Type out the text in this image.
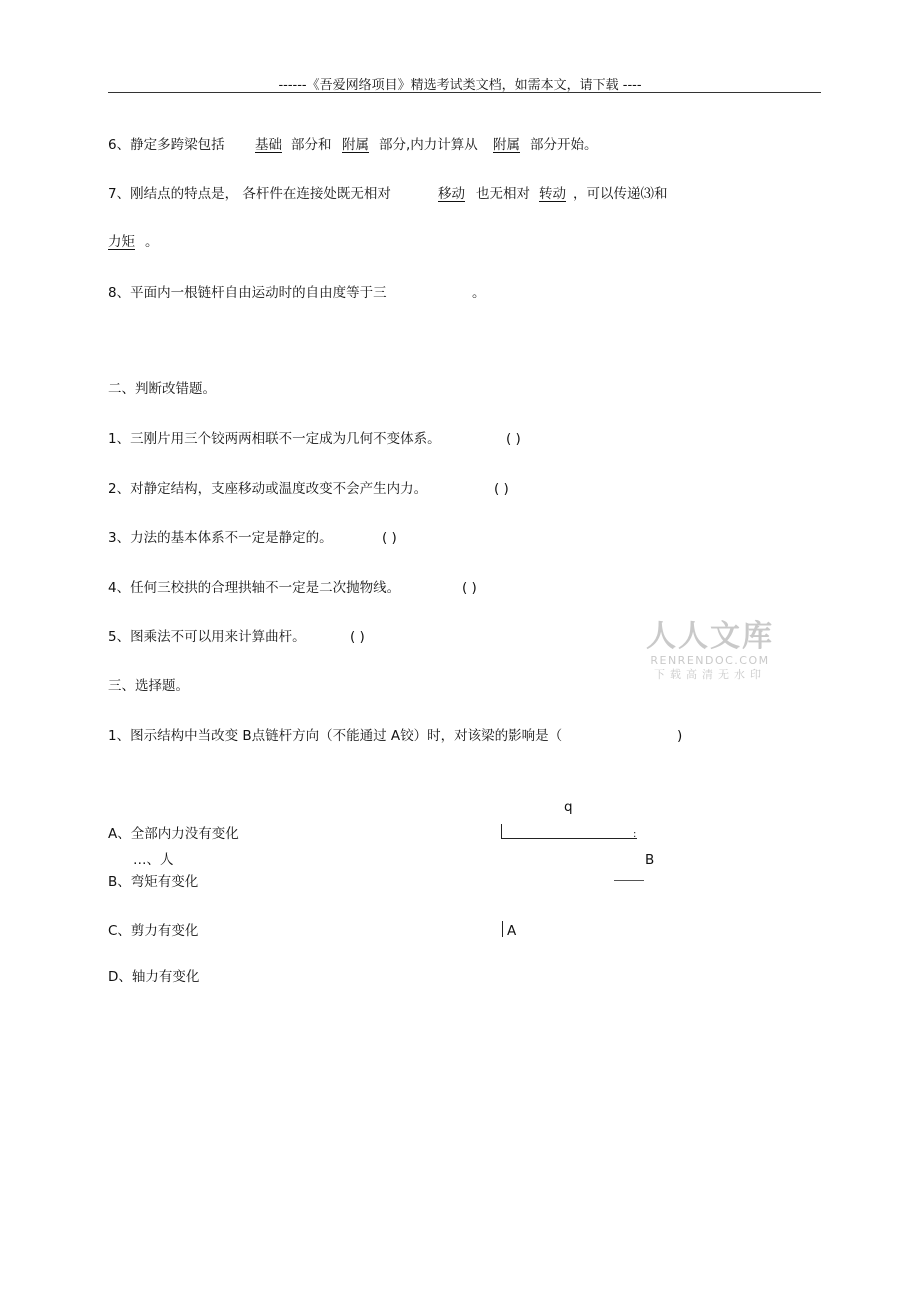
------《吾爱网络项目》精选考试类文档，如需本文，请下载 ----
6、静定多跨梁包括 基础 部分和 附属 部分,内力计算从 附属 部分开始。
7、刚结点的特点是， 各杆件在连接处既无相对	移动 也无相对 转动 ，可以传递⑶和
力矩 。
8、平面内一根链杆自由运动时的自由度等于三	。
二、判断改错题。
1、三刚片用三个铰两两相联不一定成为几何不变体系。	( )
2、对静定结构，支座移动或温度改变不会产生内力。	( )
3、力法的基本体系不一定是静定的。	( )
4、任何三校拱的合理拱轴不一定是二次抛物线。	( )
5、图乘法不可以用来计算曲杆。	( )	人人文库
RENRENDOC.COM
下载高清无水印
三、选择题。
1、图示结构中当改变 B点链杆方向（不能通过 A铰）时，对该梁的影响是（	)
A、全部内力没有变化
…、人
B、弯矩有变化
C、剪力有变化
D、轴力有变化
q
:
B
A
